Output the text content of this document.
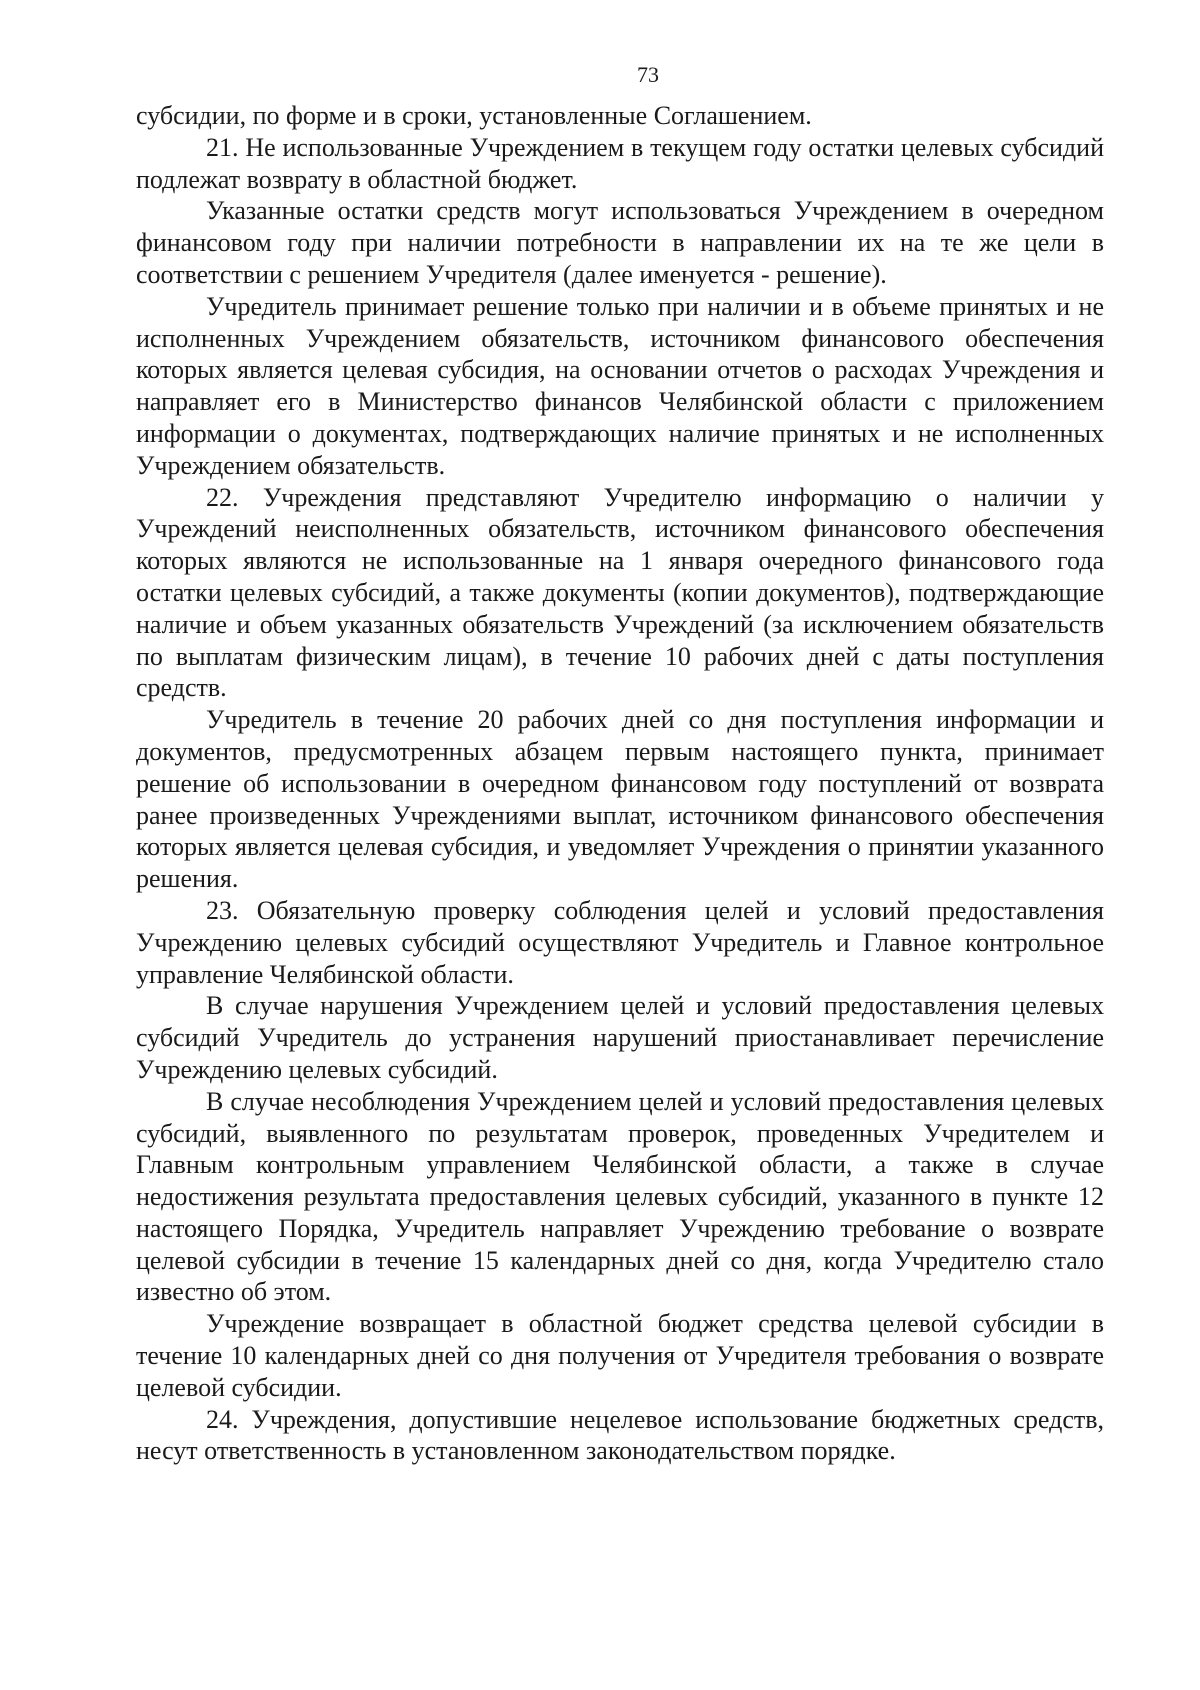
73

субсидии, по форме и в сроки, установленные Соглашением.

21. Не использованные Учреждением в текущем году остатки целевых субсидий подлежат возврату в областной бюджет.

Указанные остатки средств могут использоваться Учреждением в очередном финансовом году при наличии потребности в направлении их на те же цели в соответствии с решением Учредителя (далее именуется - решение).

Учредитель принимает решение только при наличии и в объеме принятых и не исполненных Учреждением обязательств, источником финансового обеспечения которых является целевая субсидия, на основании отчетов о расходах Учреждения и направляет его в Министерство финансов Челябинской области с приложением информации о документах, подтверждающих наличие принятых и не исполненных Учреждением обязательств.

22. Учреждения представляют Учредителю информацию о наличии у Учреждений неисполненных обязательств, источником финансового обеспечения которых являются не использованные на 1 января очередного финансового года остатки целевых субсидий, а также документы (копии документов), подтверждающие наличие и объем указанных обязательств Учреждений (за исключением обязательств по выплатам физическим лицам), в течение 10 рабочих дней с даты поступления средств.

Учредитель в течение 20 рабочих дней со дня поступления информации и документов, предусмотренных абзацем первым настоящего пункта, принимает решение об использовании в очередном финансовом году поступлений от возврата ранее произведенных Учреждениями выплат, источником финансового обеспечения которых является целевая субсидия, и уведомляет Учреждения о принятии указанного решения.

23. Обязательную проверку соблюдения целей и условий предоставления Учреждению целевых субсидий осуществляют Учредитель и Главное контрольное управление Челябинской области.

В случае нарушения Учреждением целей и условий предоставления целевых субсидий Учредитель до устранения нарушений приостанавливает перечисление Учреждению целевых субсидий.

В случае несоблюдения Учреждением целей и условий предоставления целевых субсидий, выявленного по результатам проверок, проведенных Учредителем и Главным контрольным управлением Челябинской области, а также в случае недостижения результата предоставления целевых субсидий, указанного в пункте 12 настоящего Порядка, Учредитель направляет Учреждению требование о возврате целевой субсидии в течение 15 календарных дней со дня, когда Учредителю стало известно об этом.

Учреждение возвращает в областной бюджет средства целевой субсидии в течение 10 календарных дней со дня получения от Учредителя требования о возврате целевой субсидии.

24. Учреждения, допустившие нецелевое использование бюджетных средств, несут ответственность в установленном законодательством порядке.
